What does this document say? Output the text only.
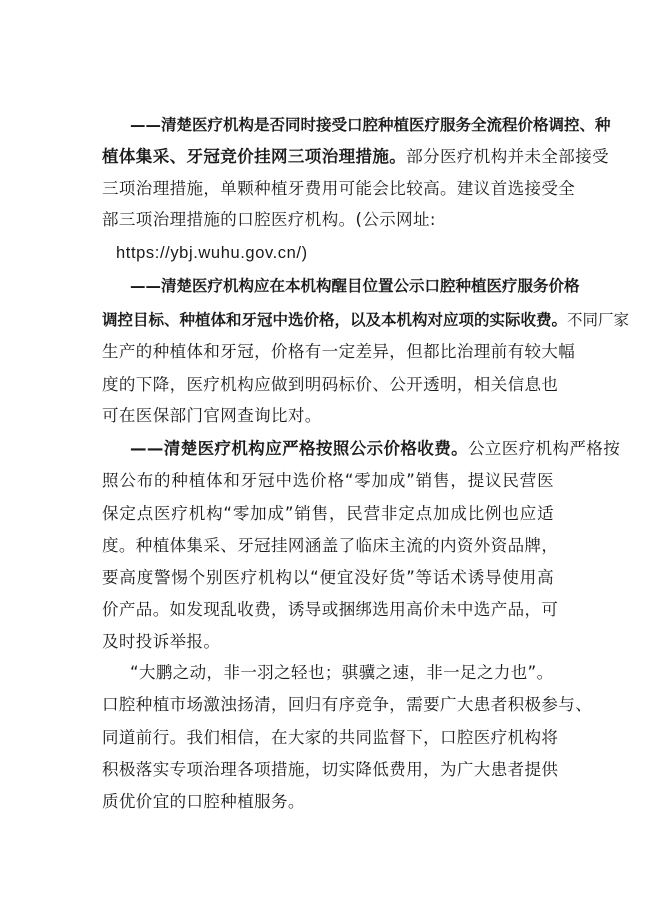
——清楚医疗机构是否同时接受口腔种植医疗服务全流程价格调控、种
植体集采、牙冠竞价挂网三项治理措施。部分医疗机构并未全部接受
三项治理措施，单颗种植牙费用可能会比较高。建议首选接受全
部三项治理措施的口腔医疗机构。(公示网址:
https://ybj.wuhu.gov.cn/)
——清楚医疗机构应在本机构醒目位置公示口腔种植医疗服务价格
调控目标、种植体和牙冠中选价格，以及本机构对应项的实际收费。不同厂家
生产的种植体和牙冠，价格有一定差异，但都比治理前有较大幅
度的下降，医疗机构应做到明码标价、公开透明，相关信息也
可在医保部门官网查询比对。
——清楚医疗机构应严格按照公示价格收费。公立医疗机构严格按
照公布的种植体和牙冠中选价格“零加成”销售，提议民营医
保定点医疗机构“零加成”销售，民营非定点加成比例也应适
度。种植体集采、牙冠挂网涵盖了临床主流的内资外资品牌，
要高度警惕个别医疗机构以“便宜没好货”等话术诱导使用高
价产品。如发现乱收费，诱导或捆绑选用高价未中选产品，可
及时投诉举报。
“大鹏之动，非一羽之轻也；骐骥之速，非一足之力也”。
口腔种植市场激浊扬清，回归有序竞争，需要广大患者积极参与、
同道前行。我们相信，在大家的共同监督下，口腔医疗机构将
积极落实专项治理各项措施，切实降低费用，为广大患者提供
质优价宜的口腔种植服务。
